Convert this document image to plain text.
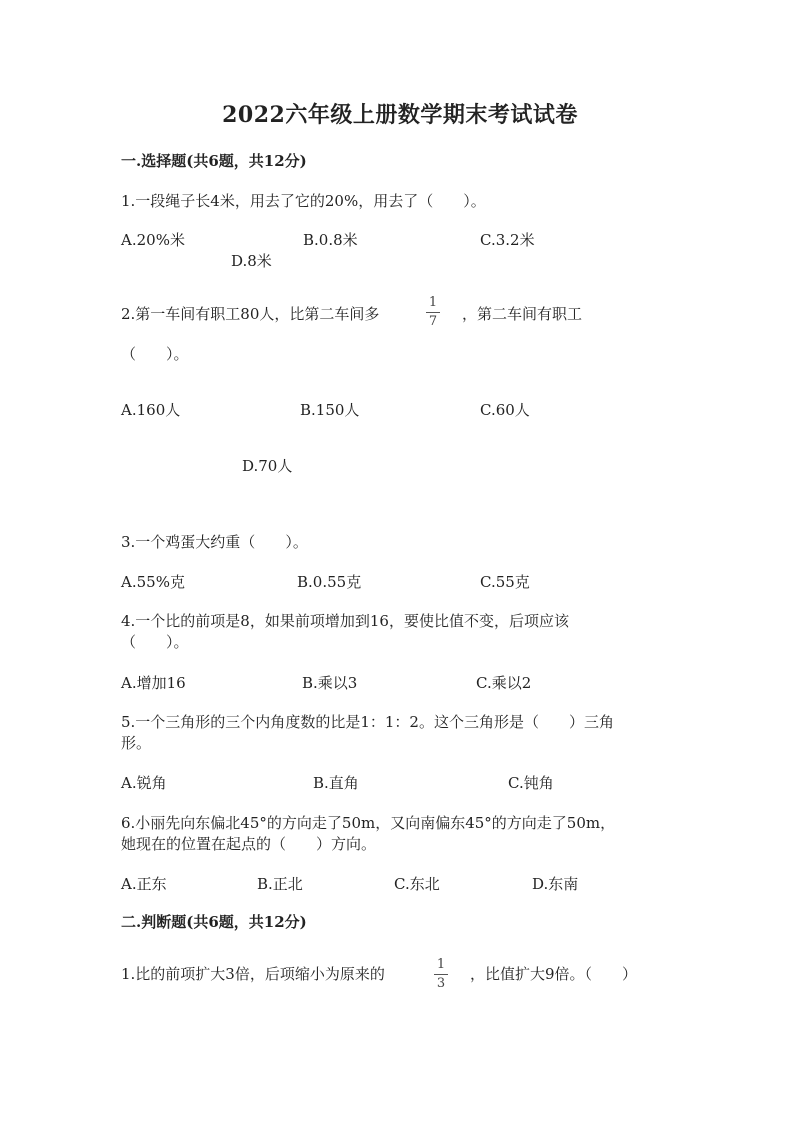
2022六年级上册数学期末考试试卷
一.选择题(共6题，共12分)
1.一段绳子长4米，用去了它的20%，用去了（　　）。
A.20%米	B.0.8米	C.3.2米
D.8米
2.第一车间有职工80人，比第二车间多
1
7	，第二车间有职工
（　　）。
A.160人	B.150人	C.60人
D.70人
3.一个鸡蛋大约重（　　）。
A.55%克	B.0.55克	C.55克
4.一个比的前项是8，如果前项增加到16，要使比值不变，后项应该
（　　）。
A.增加16	B.乘以3	C.乘以2
5.一个三角形的三个内角度数的比是1：1：2。这个三角形是（　　）三角
形。
A.锐角	B.直角	C.钝角
6.小丽先向东偏北45°的方向走了50m，又向南偏东45°的方向走了50m，
她现在的位置在起点的（　　）方向。
A.正东	B.正北	C.东北	D.东南
二.判断题(共6题，共12分)
1.比的前项扩大3倍，后项缩小为原来的
1
3
，比值扩大9倍。（　　）
